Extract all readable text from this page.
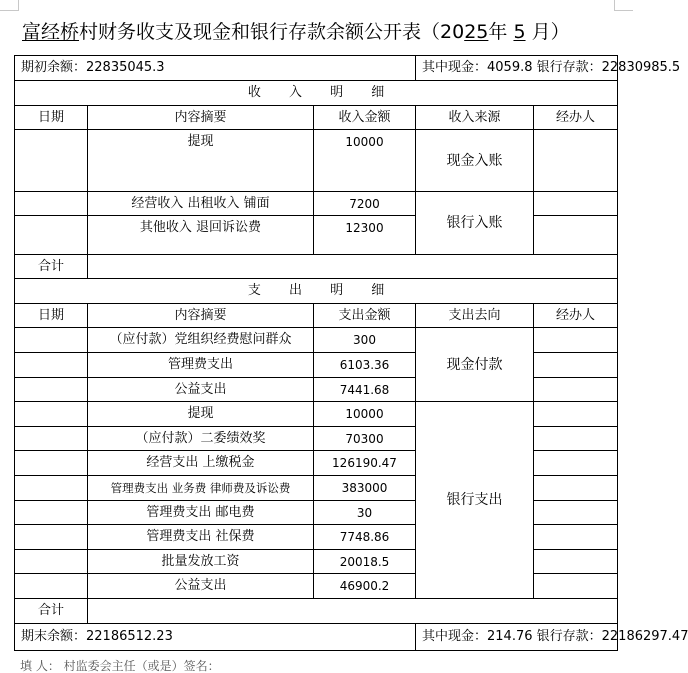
富经桥村财务收支及现金和银行存款余额公开表（2025年 5 月）
期初余额：22835045.3			其中现金：4059.8 银行存款：22830985.5	
收 入 明 细				
日期	内容摘要	收入金额	收入来源	经办人
	提现	10000	现金入账	
	经营收入 出租收入 铺面	7200	银行入账	
	其他收入 退回诉讼费	12300		
合计				
支 出 明 细				
日期	内容摘要	支出金额	支出去向	经办人
	（应付款）党组织经费慰问群众	300	现金付款	
	管理费支出	6103.36		
	公益支出	7441.68		
	提现	10000	银行支出	
	（应付款）二委绩效奖	70300		
	经营支出 上缴税金	126190.47		
	管理费支出 业务费 律师费及诉讼费	383000		
	管理费支出 邮电费	30		
	管理费支出 社保费	7748.86		
	批量发放工资	20018.5		
	公益支出	46900.2		
合计				
期末余额：22186512.23			其中现金：214.76 银行存款：22186297.47	
填 人： 村监委会主任（或是）签名：
